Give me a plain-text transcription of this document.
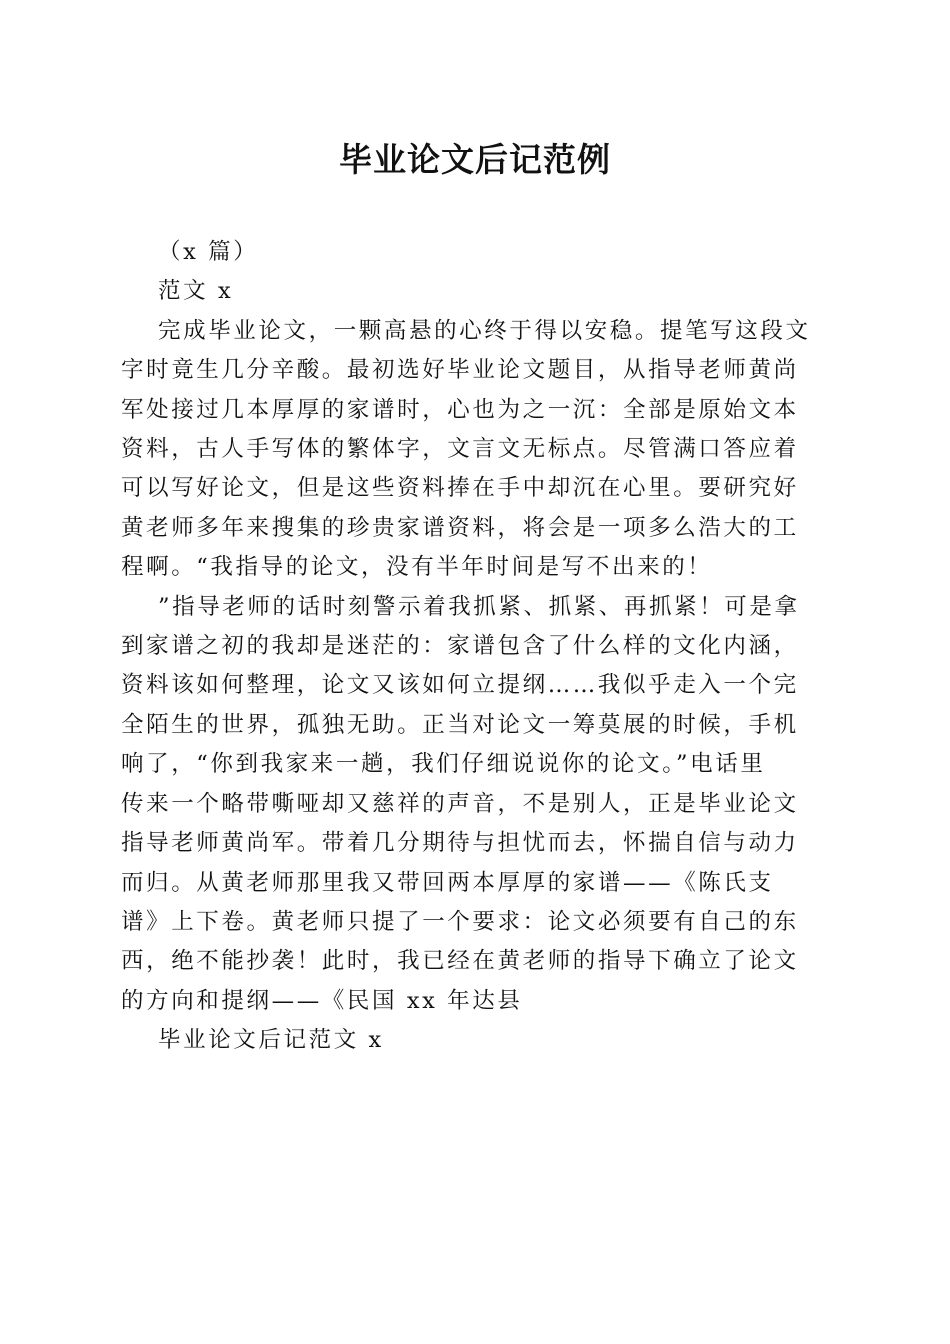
毕业论文后记范例

（x 篇）

范文 x

完成毕业论文，一颗高悬的心终于得以安稳。提笔写这段文

字时竟生几分辛酸。最初选好毕业论文题目，从指导老师黄尚

军处接过几本厚厚的家谱时，心也为之一沉：全部是原始文本

资料，古人手写体的繁体字，文言文无标点。尽管满口答应着

可以写好论文，但是这些资料捧在手中却沉在心里。要研究好

黄老师多年来搜集的珍贵家谱资料，将会是一项多么浩大的工

程啊。“我指导的论文，没有半年时间是写不出来的！

”指导老师的话时刻警示着我抓紧、抓紧、再抓紧！可是拿

到家谱之初的我却是迷茫的：家谱包含了什么样的文化内涵，

资料该如何整理，论文又该如何立提纲……我似乎走入一个完

全陌生的世界，孤独无助。正当对论文一筹莫展的时候，手机

响了，“你到我家来一趟，我们仔细说说你的论文。”电话里

传来一个略带嘶哑却又慈祥的声音，不是别人，正是毕业论文

指导老师黄尚军。带着几分期待与担忧而去，怀揣自信与动力

而归。从黄老师那里我又带回两本厚厚的家谱——《陈氏支

谱》上下卷。黄老师只提了一个要求：论文必须要有自己的东

西，绝不能抄袭！此时，我已经在黄老师的指导下确立了论文

的方向和提纲——《民国 xx 年达县

毕业论文后记范文 x
